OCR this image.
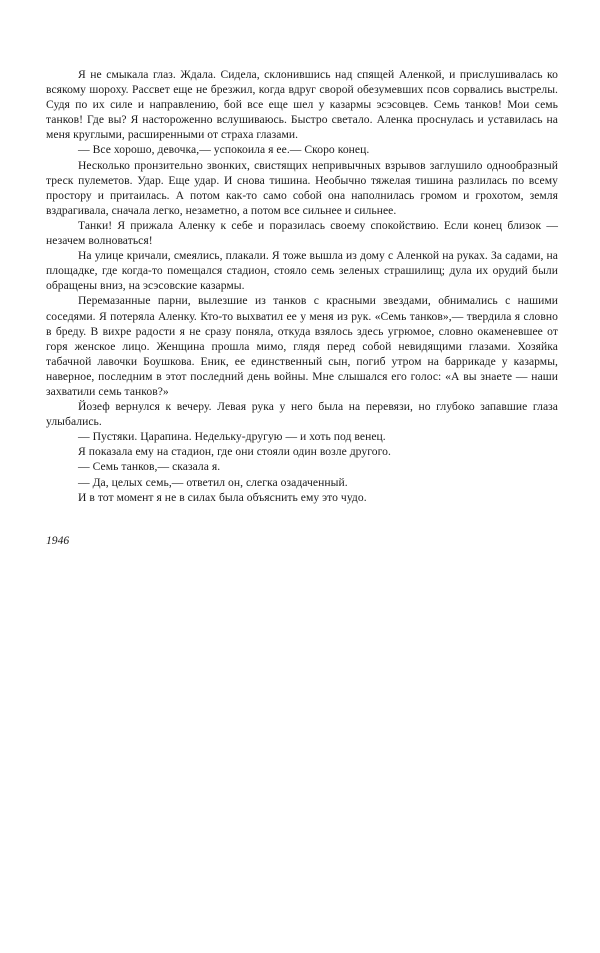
Я не смыкала глаз. Ждала. Сидела, склонившись над спящей Аленкой, и прислушивалась ко всякому шороху. Рассвет еще не брезжил, когда вдруг сворой обезумевших псов сорвались выстрелы. Судя по их силе и направлению, бой все еще шел у казармы эсэсовцев. Семь танков! Мои семь танков! Где вы? Я настороженно вслушиваюсь. Быстро светало. Аленка проснулась и уставилась на меня круглыми, расширенными от страха глазами.

— Все хорошо, девочка,— успокоила я ее.— Скоро конец.

Несколько пронзительно звонких, свистящих непривычных взрывов заглушило однообразный треск пулеметов. Удар. Еще удар. И снова тишина. Необычно тяжелая тишина разлилась по всему простору и притаилась. А потом как-то само собой она наполнилась громом и грохотом, земля вздрагивала, сначала легко, незаметно, а потом все сильнее и сильнее.

Танки! Я прижала Аленку к себе и поразилась своему спокойствию. Если конец близок — незачем волноваться!

На улице кричали, смеялись, плакали. Я тоже вышла из дому с Аленкой на руках. За садами, на площадке, где когда-то помещался стадион, стояло семь зеленых страшилищ; дула их орудий были обращены вниз, на эсэсовские казармы.

Перемазанные парни, вылезшие из танков с красными звездами, обнимались с нашими соседями. Я потеряла Аленку. Кто-то выхватил ее у меня из рук. «Семь танков»,— твердила я словно в бреду. В вихре радости я не сразу поняла, откуда взялось здесь угрюмое, словно окаменевшее от горя женское лицо. Женщина прошла мимо, глядя перед собой невидящими глазами. Хозяйка табачной лавочки Боушкова. Еник, ее единственный сын, погиб утром на баррикаде у казармы, наверное, последним в этот последний день войны. Мне слышался его голос: «А вы знаете — наши захватили семь танков?»

Йозеф вернулся к вечеру. Левая рука у него была на перевязи, но глубоко запавшие глаза улыбались.

— Пустяки. Царапина. Недельку-другую — и хоть под венец.

Я показала ему на стадион, где они стояли один возле другого.

— Семь танков,— сказала я.

— Да, целых семь,— ответил он, слегка озадаченный.

И в тот момент я не в силах была объяснить ему это чудо.

1946
